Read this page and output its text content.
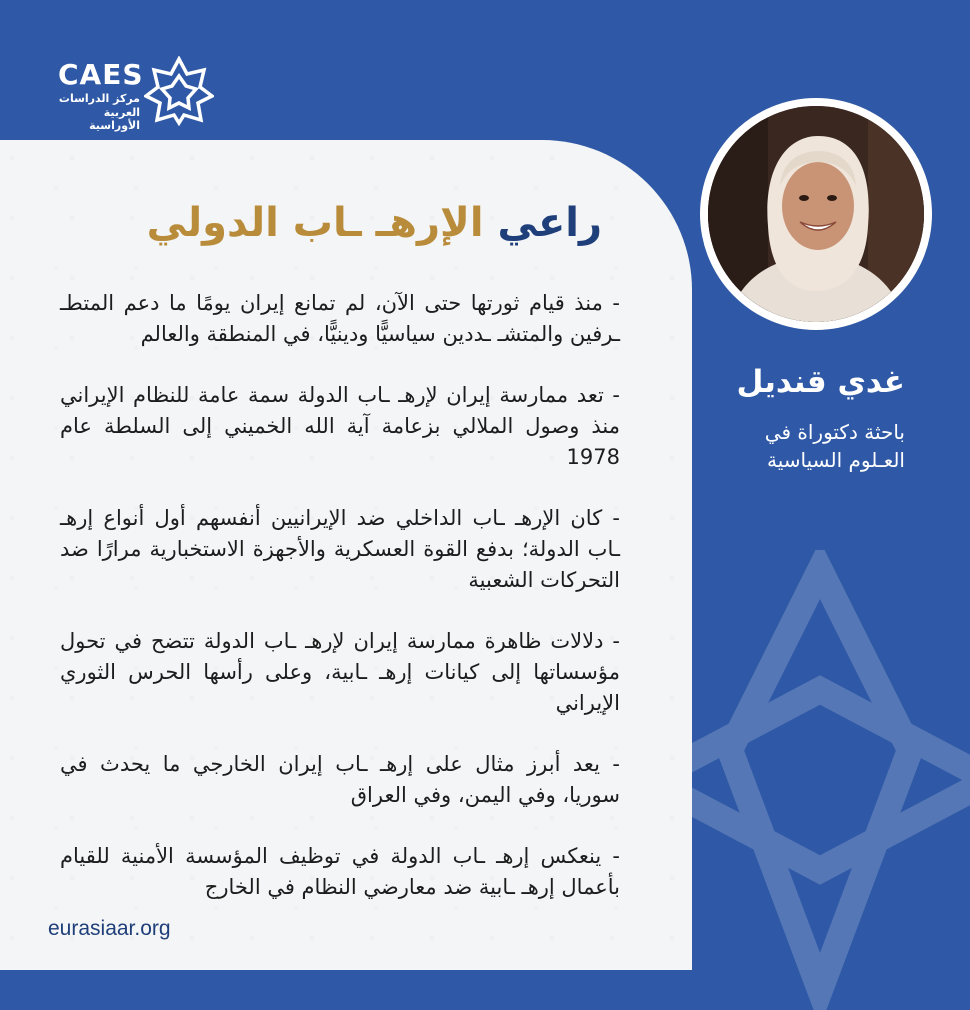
CAES
مركز الدراسات
العربية الأوراسية
راعي الإرهـ ـاب الدولي

- منذ قيام ثورتها حتى الآن، لم تمانع إيران يومًا ما دعم المتطـ ـرفين والمتشـ ـددين سياسيًّا ودينيًّا، في المنطقة والعالم

- تعد ممارسة إيران لإرهـ ـاب الدولة سمة عامة للنظام الإيراني منذ وصول الملالي بزعامة آية الله الخميني إلى السلطة عام 1978

- كان الإرهـ ـاب الداخلي ضد الإيرانيين أنفسهم أول أنواع إرهـ ـاب الدولة؛ بدفع القوة العسكرية والأجهزة الاستخبارية مرارًا ضد التحركات الشعبية

- دلالات ظاهرة ممارسة إيران لإرهـ ـاب الدولة تتضح في تحول مؤسساتها إلى كيانات إرهـ ـابية، وعلى رأسها الحرس الثوري الإيراني

- يعد أبرز مثال على إرهـ ـاب إيران الخارجي ما يحدث في سوريا، وفي اليمن، وفي العراق

- ينعكس إرهـ ـاب الدولة في توظيف المؤسسة الأمنية للقيام بأعمال إرهـ ـابية ضد معارضي النظام في الخارج

eurasiaar.org
غدي قنديل
باحثة دكتوراة في
العـلوم السياسية
